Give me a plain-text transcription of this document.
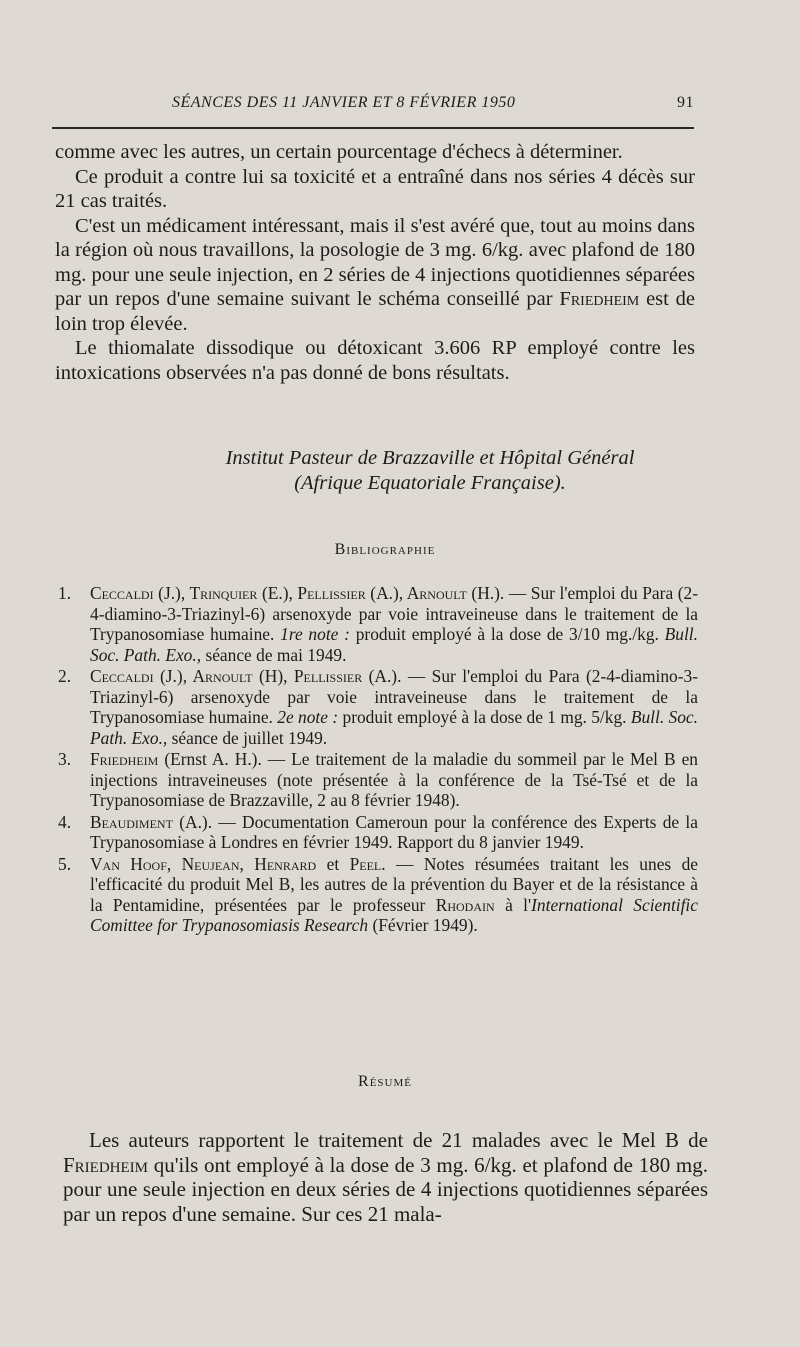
SÉANCES DES 11 JANVIER ET 8 FÉVRIER 1950	91

comme avec les autres, un certain pourcentage d'échecs à déterminer.

Ce produit a contre lui sa toxicité et a entraîné dans nos séries 4 décès sur 21 cas traités.

C'est un médicament intéressant, mais il s'est avéré que, tout au moins dans la région où nous travaillons, la posologie de 3 mg. 6/kg. avec plafond de 180 mg. pour une seule injection, en 2 séries de 4 injections quotidiennes séparées par un repos d'une semaine suivant le schéma conseillé par Friedheim est de loin trop élevée.

Le thiomalate dissodique ou détoxicant 3.606 RP employé contre les intoxications observées n'a pas donné de bons résultats.

Institut Pasteur de Brazzaville et Hôpital Général
(Afrique Equatoriale Française).
Bibliographie
1. Ceccaldi (J.), Trinquier (E.), Pellissier (A.), Arnoult (H.). — Sur l'emploi du Para (2-4-diamino-3-Triazinyl-6) arsenoxyde par voie intraveineuse dans le traitement de la Trypanosomiase humaine. 1re note : produit employé à la dose de 3/10 mg./kg. Bull. Soc. Path. Exo., séance de mai 1949.
2. Ceccaldi (J.), Arnoult (H), Pellissier (A.). — Sur l'emploi du Para (2-4-diamino-3-Triazinyl-6) arsenoxyde par voie intraveineuse dans le traitement de la Trypanosomiase humaine. 2e note : produit employé à la dose de 1 mg. 5/kg. Bull. Soc. Path. Exo., séance de juillet 1949.
3. Friedheim (Ernst A. H.). — Le traitement de la maladie du sommeil par le Mel B en injections intraveineuses (note présentée à la conférence de la Tsé-Tsé et de la Trypanosomiase de Brazzaville, 2 au 8 février 1948).
4. Beaudiment (A.). — Documentation Cameroun pour la conférence des Experts de la Trypanosomiase à Londres en février 1949. Rapport du 8 janvier 1949.
5. Van Hoof, Neujean, Henrard et Peel. — Notes résumées traitant les unes de l'efficacité du produit Mel B, les autres de la prévention du Bayer et de la résistance à la Pentamidine, présentées par le professeur Rhodain à l'International Scientific Comittee for Trypanosomiasis Research (Février 1949).
Résumé

Les auteurs rapportent le traitement de 21 malades avec le Mel B de Friedheim qu'ils ont employé à la dose de 3 mg. 6/kg. et plafond de 180 mg. pour une seule injection en deux séries de 4 injections quotidiennes séparées par un repos d'une semaine. Sur ces 21 mala-
